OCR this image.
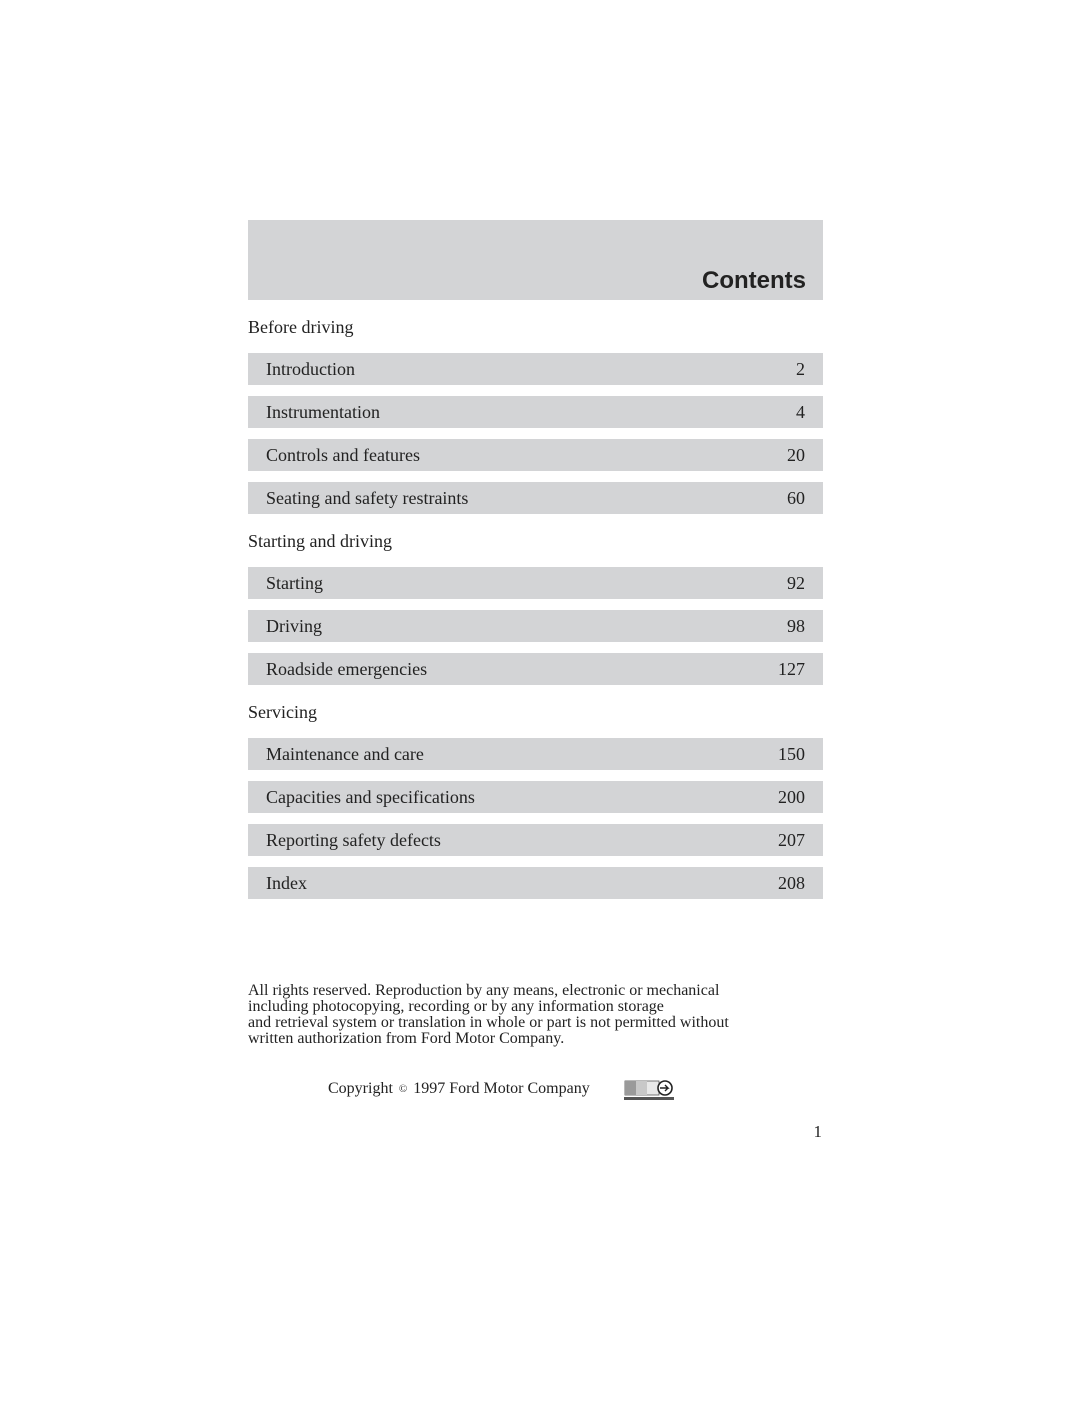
Contents
Before driving
Introduction	2
Instrumentation	4
Controls and features	20
Seating and safety restraints	60
Starting and driving
Starting	92
Driving	98
Roadside emergencies	127
Servicing
Maintenance and care	150
Capacities and specifications	200
Reporting safety defects	207
Index	208
All rights reserved. Reproduction by any means, electronic or mechanical
including photocopying, recording or by any information storage
and retrieval system or translation in whole or part is not permitted without
written authorization from Ford Motor Company.
Copyright © 1997 Ford Motor Company
1
